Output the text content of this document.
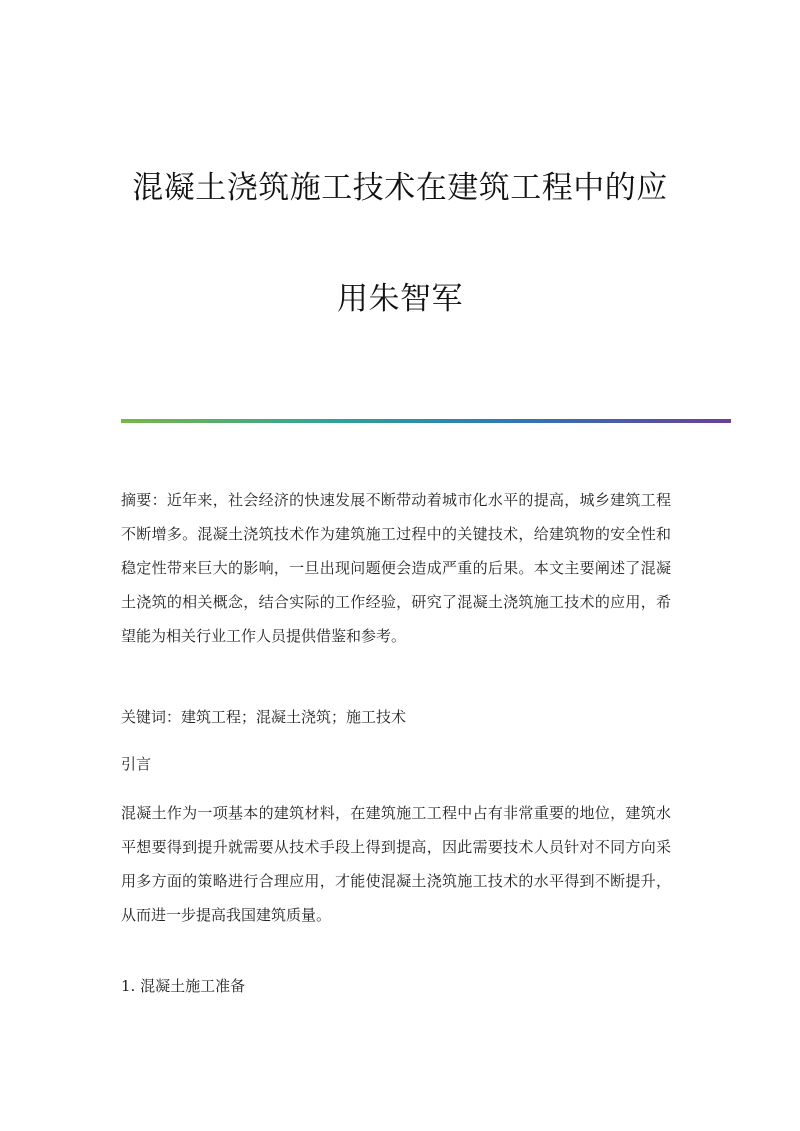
混凝土浇筑施工技术在建筑工程中的应
用朱智军
摘要：近年来，社会经济的快速发展不断带动着城市化水平的提高，城乡建筑工程不断增多。混凝土浇筑技术作为建筑施工过程中的关键技术，给建筑物的安全性和稳定性带来巨大的影响，一旦出现问题便会造成严重的后果。本文主要阐述了混凝土浇筑的相关概念，结合实际的工作经验，研究了混凝土浇筑施工技术的应用，希望能为相关行业工作人员提供借鉴和参考。
关键词：建筑工程；混凝土浇筑；施工技术
引言
混凝土作为一项基本的建筑材料，在建筑施工工程中占有非常重要的地位，建筑水平想要得到提升就需要从技术手段上得到提高，因此需要技术人员针对不同方向采用多方面的策略进行合理应用，才能使混凝土浇筑施工技术的水平得到不断提升，从而进一步提高我国建筑质量。
1. 混凝土施工准备
